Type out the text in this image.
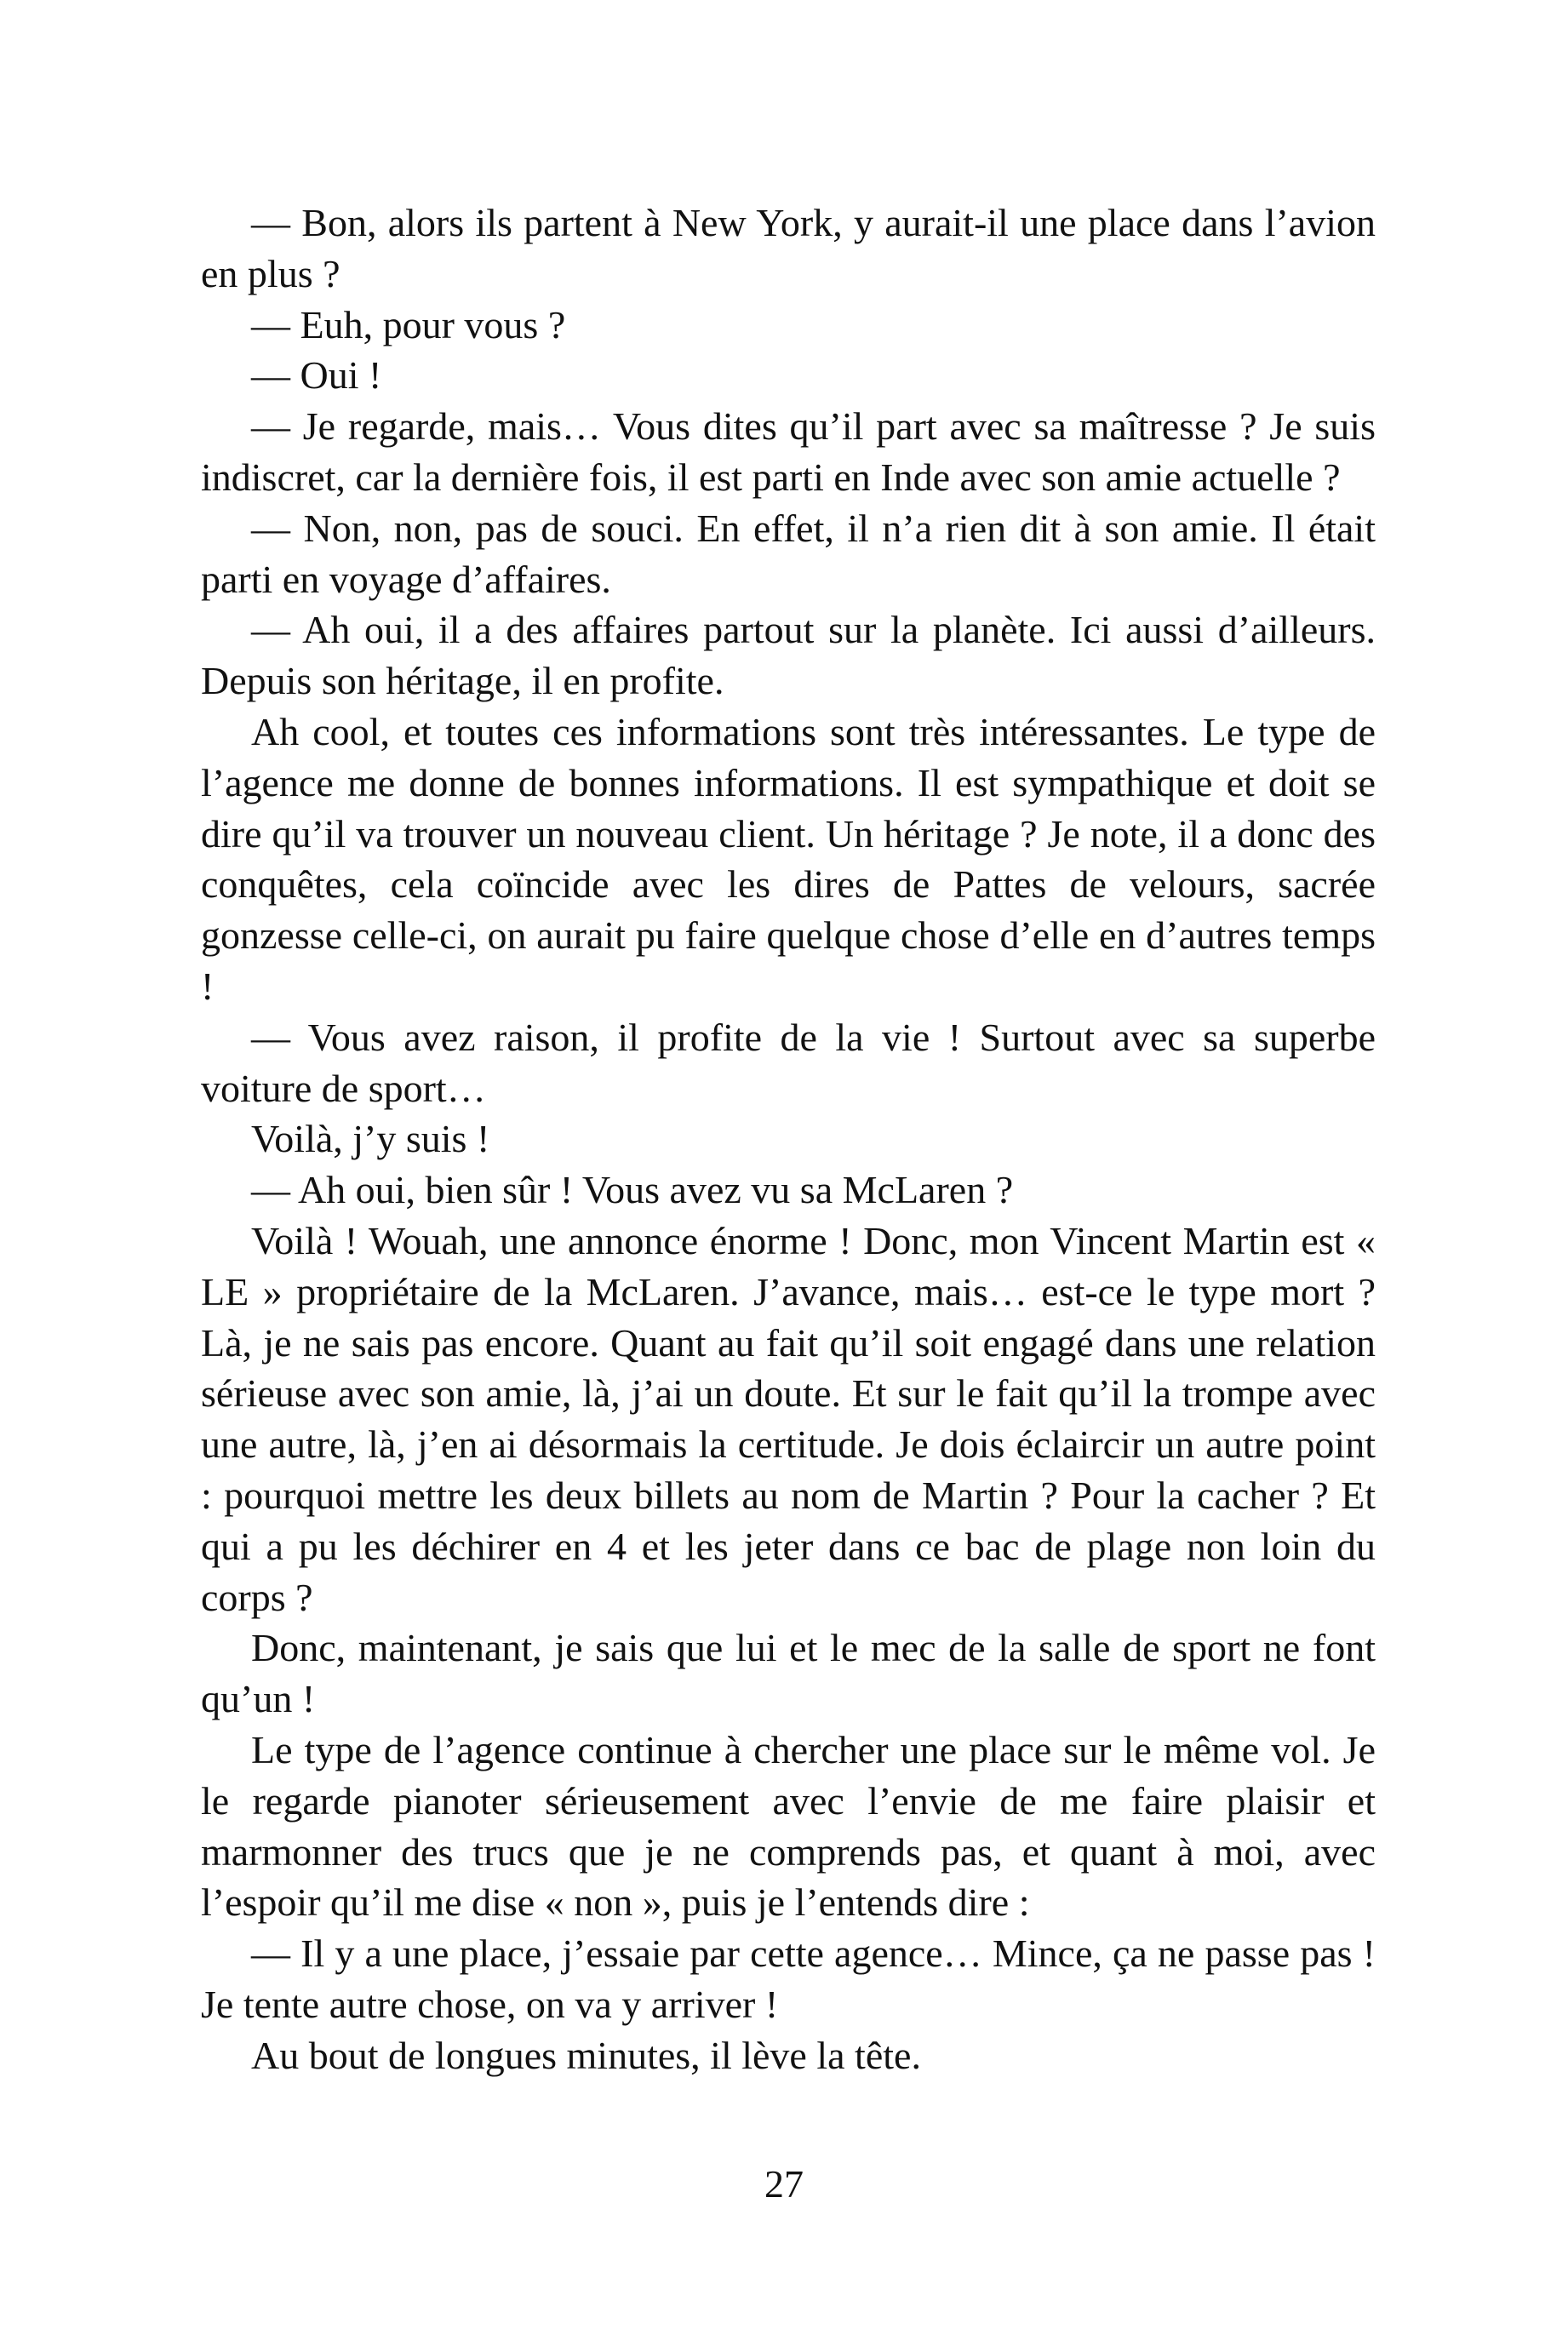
— Bon, alors ils partent à New York, y aurait-il une place dans l’avion en plus ?

— Euh, pour vous ?

— Oui !

— Je regarde, mais… Vous dites qu’il part avec sa maîtresse ? Je suis indiscret, car la dernière fois, il est parti en Inde avec son amie actuelle ?

— Non, non, pas de souci. En effet, il n’a rien dit à son amie. Il était parti en voyage d’affaires.

— Ah oui, il a des affaires partout sur la planète. Ici aussi d’ailleurs. Depuis son héritage, il en profite.

Ah cool, et toutes ces informations sont très intéressantes. Le type de l’agence me donne de bonnes informations. Il est sympathique et doit se dire qu’il va trouver un nouveau client. Un héritage ? Je note, il a donc des conquêtes, cela coïncide avec les dires de Pattes de velours, sacrée gonzesse celle-ci, on aurait pu faire quelque chose d’elle en d’autres temps !

— Vous avez raison, il profite de la vie ! Surtout avec sa superbe voiture de sport…

Voilà, j’y suis !

— Ah oui, bien sûr ! Vous avez vu sa McLaren ?

Voilà ! Wouah, une annonce énorme ! Donc, mon Vincent Martin est « LE » propriétaire de la McLaren. J’avance, mais… est-ce le type mort ? Là, je ne sais pas encore. Quant au fait qu’il soit engagé dans une relation sérieuse avec son amie, là, j’ai un doute. Et sur le fait qu’il la trompe avec une autre, là, j’en ai désormais la certitude. Je dois éclaircir un autre point : pourquoi mettre les deux billets au nom de Martin ? Pour la cacher ? Et qui a pu les déchirer en 4 et les jeter dans ce bac de plage non loin du corps ?

Donc, maintenant, je sais que lui et le mec de la salle de sport ne font qu’un !

Le type de l’agence continue à chercher une place sur le même vol. Je le regarde pianoter sérieusement avec l’envie de me faire plaisir et marmonner des trucs que je ne comprends pas, et quant à moi, avec l’espoir qu’il me dise « non », puis je l’entends dire :

— Il y a une place, j’essaie par cette agence… Mince, ça ne passe pas ! Je tente autre chose, on va y arriver !

Au bout de longues minutes, il lève la tête.

27
